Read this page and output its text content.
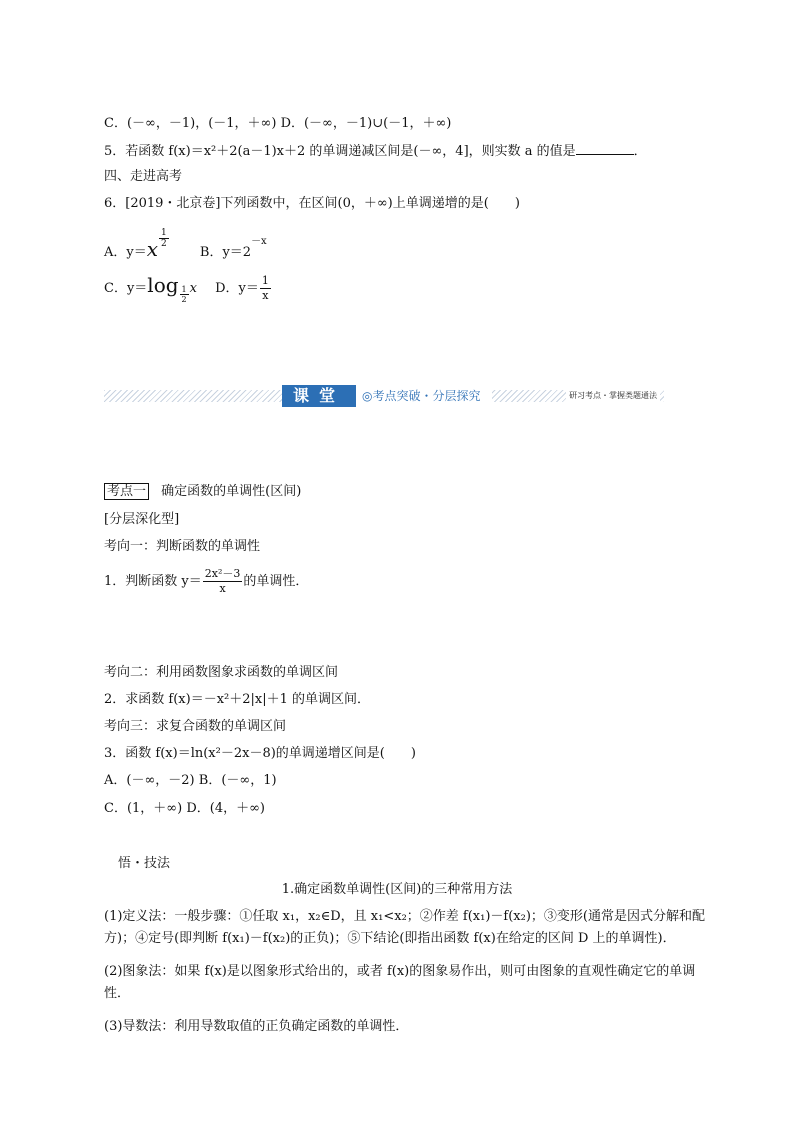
C．(－∞，－1)，(－1，＋∞) D．(－∞，－1)∪(－1，＋∞)
5．若函数 f(x)＝x²＋2(a－1)x＋2 的单调递减区间是(－∞，4]，则实数 a 的值是	．
四、走进高考
6．[2019・北京卷]下列函数中，在区间(0，＋∞)上单调递增的是(　　)
A．$y=x \frac{1}{2}$
B．$y=2^{-x}$
C．$y=\log \frac{1}{2}$ x D．$y= \frac{1}{x}$
课堂	◎考点突破・分层探究	研习考点・掌握类题通法
考点一 确定函数的单调性(区间)
[分层深化型]
考向一：判断函数的单调性
1．判断函数 $y= \frac{\text{2x²－3}}{x}$ 的单调性．
考向二：利用函数图象求函数的单调区间
2．求函数 f(x)＝－x²＋2|x|＋1 的单调区间．
考向三：求复合函数的单调区间
3．函数 f(x)＝ln(x²－2x－8)的单调递增区间是(　　)
A．(－∞，－2) B．(－∞，1)
C．(1，＋∞) D．(4，＋∞)
悟・技法
1.确定函数单调性(区间)的三种常用方法
(1)定义法：一般步骤：①任取 x₁，x₂∈D，且 x₁<x₂；②作差 f(x₁)－f(x₂)；③变形(通常是因式分解和配方)；④定号(即判断 f(x₁)－f(x₂)的正负)；⑤下结论(即指出函数 f(x)在给定的区间 D 上的单调性)．
(2)图象法：如果 f(x)是以图象形式给出的，或者 f(x)的图象易作出，则可由图象的直观性确定它的单调性．
(3)导数法：利用导数取值的正负确定函数的单调性．
